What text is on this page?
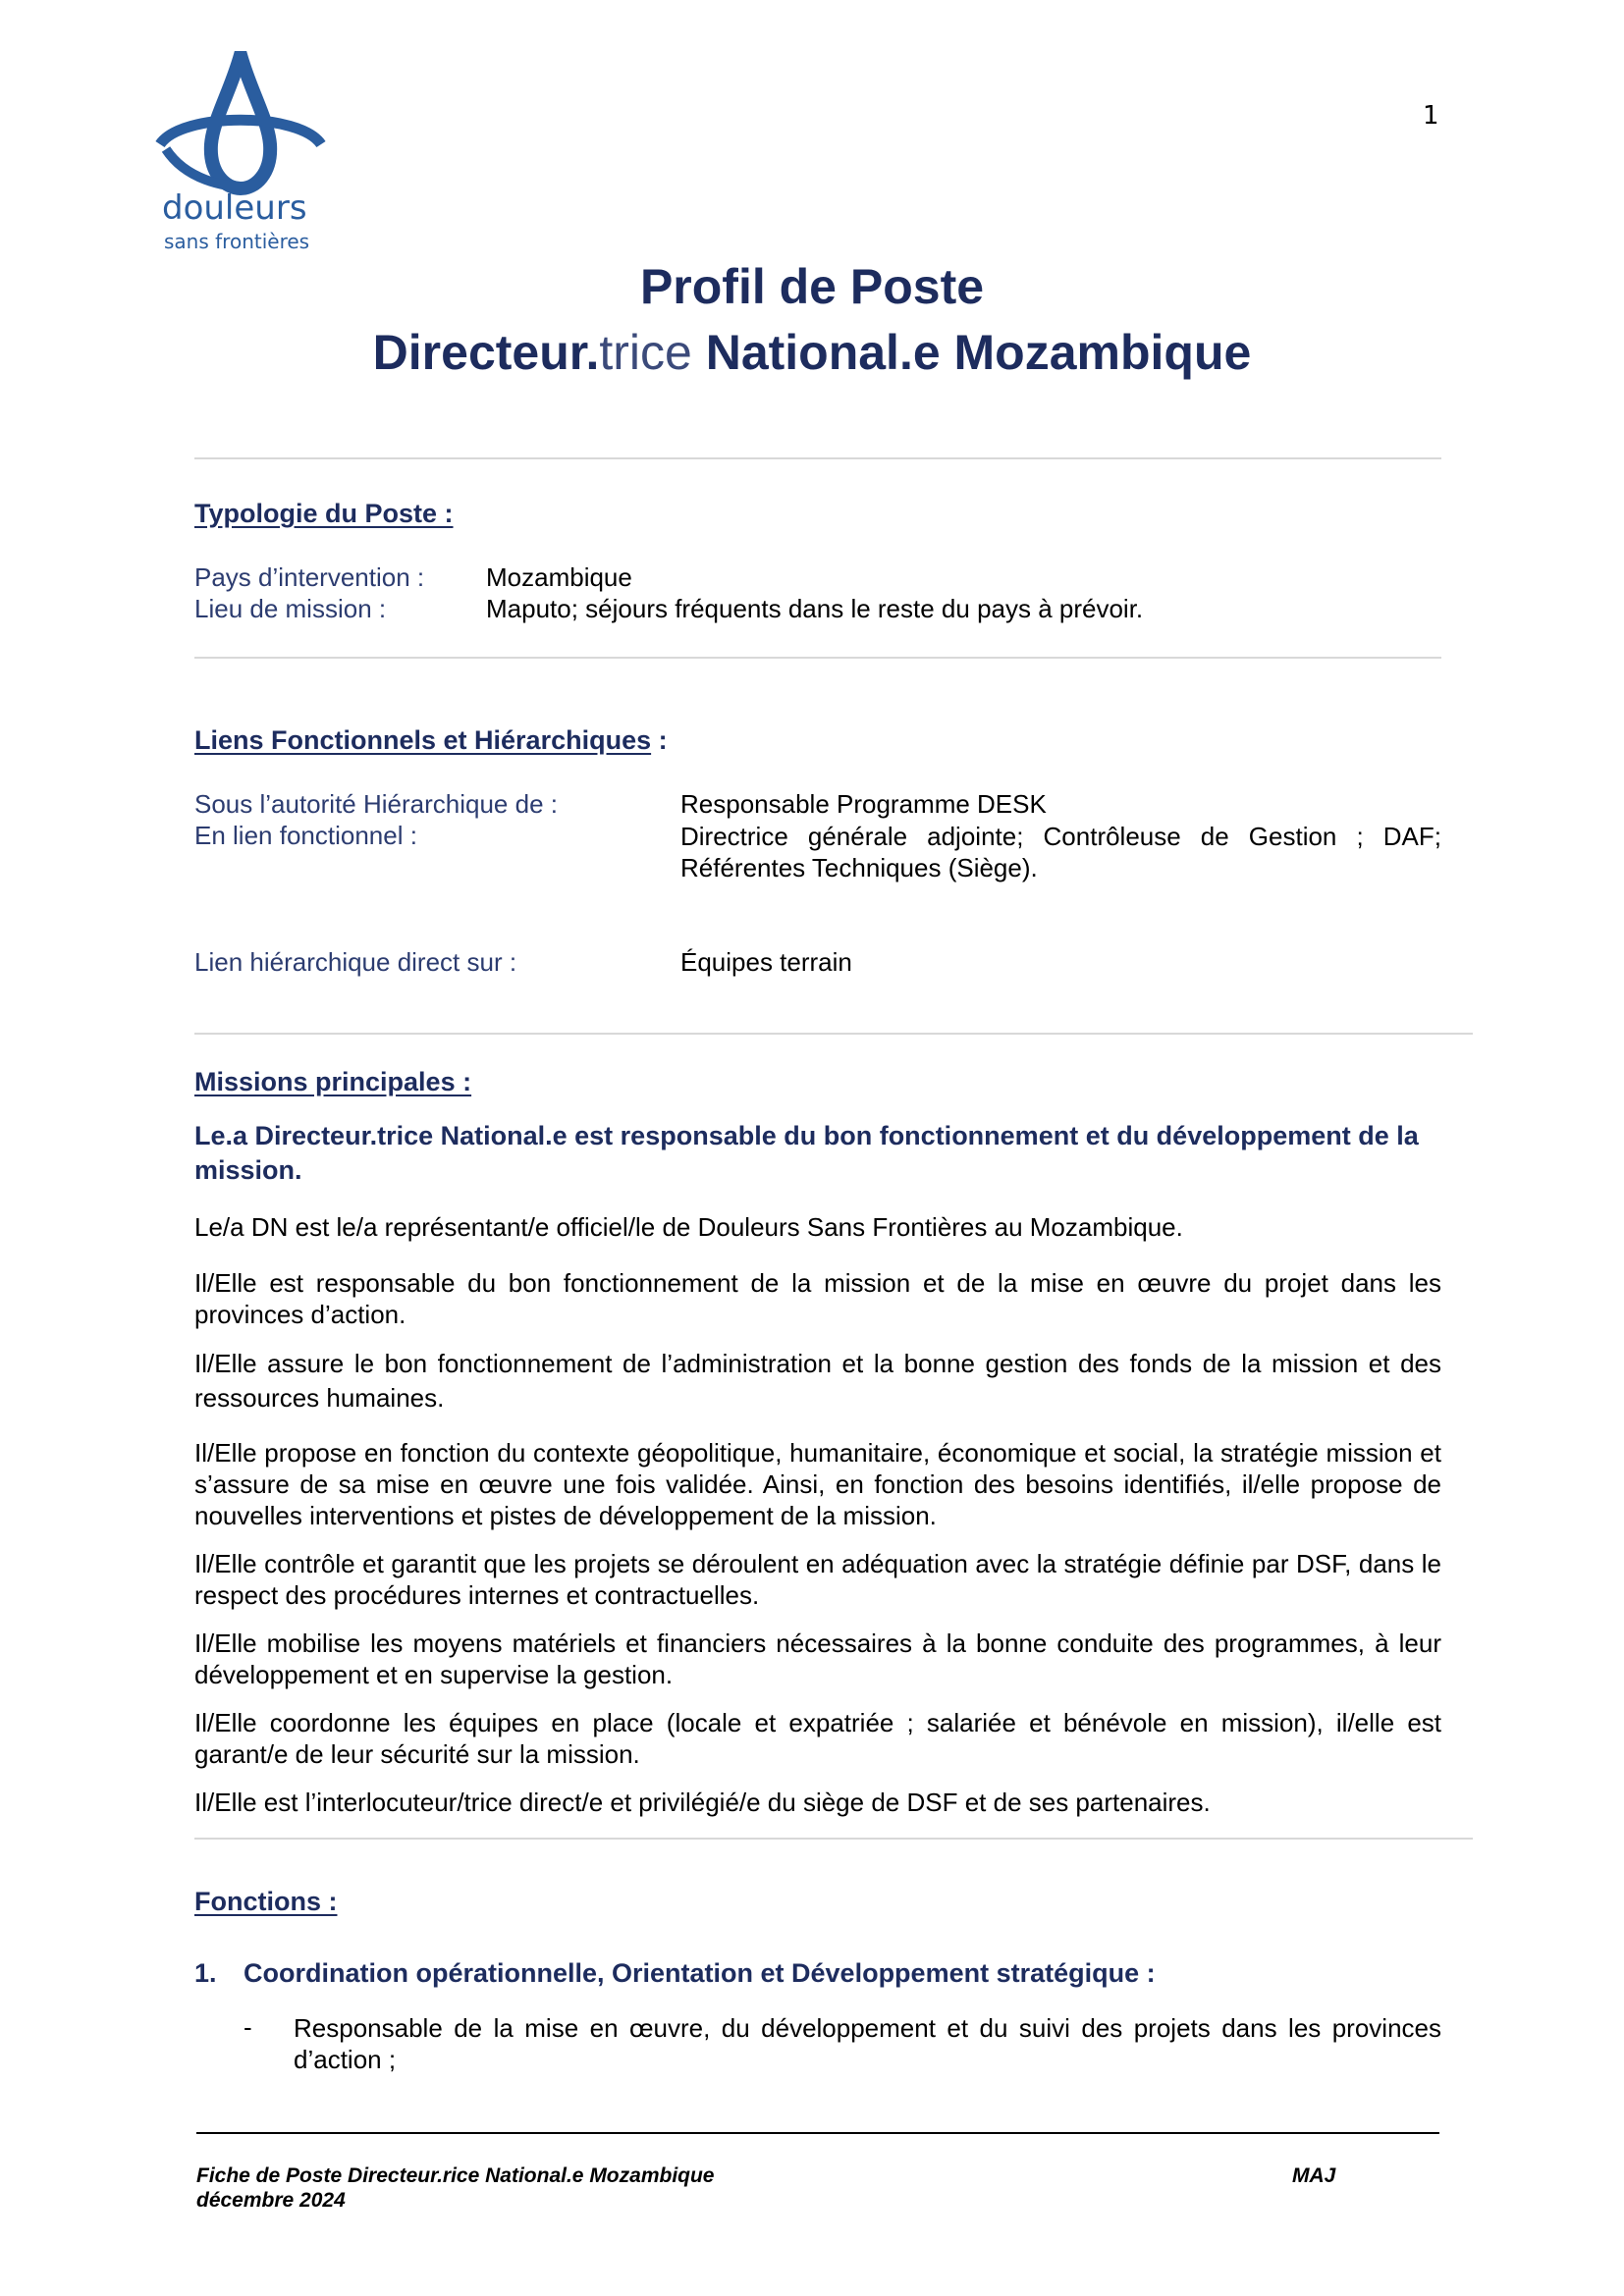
douleurs
sans frontières
1
Profil de Poste
Directeur.trice National.e Mozambique
Typologie du Poste :
Pays d’intervention : Mozambique
Lieu de mission :	Maputo; séjours fréquents dans le reste du pays à prévoir.
Liens Fonctionnels et Hiérarchiques :
Sous l’autorité Hiérarchique de :	Responsable Programme DESK
En lien fonctionnel :	Directrice générale adjointe; Contrôleuse de Gestion ; DAF; Référentes Techniques (Siège).
Lien hiérarchique direct sur :	Équipes terrain
Missions principales :
Le.a Directeur.trice National.e est responsable du bon fonctionnement et du développement de la mission.
Le/a DN est le/a représentant/e officiel/le de Douleurs Sans Frontières au Mozambique.
Il/Elle est responsable du bon fonctionnement de la mission et de la mise en œuvre du projet dans les provinces d’action.
Il/Elle assure le bon fonctionnement de l’administration et la bonne gestion des fonds de la mission et des ressources humaines.
Il/Elle propose en fonction du contexte géopolitique, humanitaire, économique et social, la stratégie mission et s’assure de sa mise en œuvre une fois validée. Ainsi, en fonction des besoins identifiés, il/elle propose de nouvelles interventions et pistes de développement de la mission.
Il/Elle contrôle et garantit que les projets se déroulent en adéquation avec la stratégie définie par DSF, dans le respect des procédures internes et contractuelles.
Il/Elle mobilise les moyens matériels et financiers nécessaires à la bonne conduite des programmes, à leur développement et en supervise la gestion.
Il/Elle coordonne les équipes en place (locale et expatriée ; salariée et bénévole en mission), il/elle est garant/e de leur sécurité sur la mission.
Il/Elle est l’interlocuteur/trice direct/e et privilégié/e du siège de DSF et de ses partenaires.
Fonctions :
1. Coordination opérationnelle, Orientation et Développement stratégique :
- Responsable de la mise en œuvre, du développement et du suivi des projets dans les provinces d’action ;
Fiche de Poste Directeur.rice National.e Mozambique
décembre 2024
MAJ
